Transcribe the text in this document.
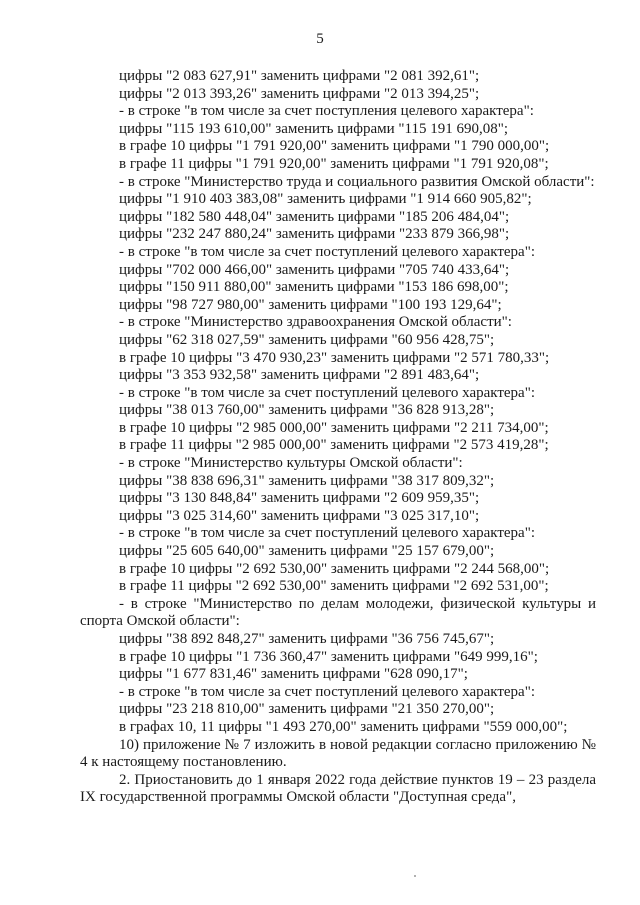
5
цифры "2 083 627,91" заменить цифрами "2 081 392,61";
цифры "2 013 393,26" заменить цифрами "2 013 394,25";
- в строке "в том числе за счет поступления целевого характера":
цифры "115 193 610,00" заменить цифрами "115 191 690,08";
в графе 10 цифры "1 791 920,00" заменить цифрами "1 790 000,00";
в графе 11 цифры "1 791 920,00" заменить цифрами "1 791 920,08";
- в строке "Министерство труда и социального развития Омской области":
цифры "1 910 403 383,08" заменить цифрами "1 914 660 905,82";
цифры "182 580 448,04" заменить цифрами "185 206 484,04";
цифры "232 247 880,24" заменить цифрами "233 879 366,98";
- в строке "в том числе за счет поступлений целевого характера":
цифры "702 000 466,00" заменить цифрами "705 740 433,64";
цифры "150 911 880,00" заменить цифрами "153 186 698,00";
цифры "98 727 980,00" заменить цифрами "100 193 129,64";
- в строке "Министерство здравоохранения Омской области":
цифры "62 318 027,59" заменить цифрами "60 956 428,75";
в графе 10 цифры "3 470 930,23" заменить цифрами "2 571 780,33";
цифры "3 353 932,58" заменить цифрами "2 891 483,64";
- в строке "в том числе за счет поступлений целевого характера":
цифры "38 013 760,00" заменить цифрами "36 828 913,28";
в графе 10 цифры "2 985 000,00" заменить цифрами "2 211 734,00";
в графе 11 цифры "2 985 000,00" заменить цифрами "2 573 419,28";
- в строке "Министерство культуры Омской области":
цифры "38 838 696,31" заменить цифрами "38 317 809,32";
цифры "3 130 848,84" заменить цифрами "2 609 959,35";
цифры "3 025 314,60" заменить цифрами "3 025 317,10";
- в строке "в том числе за счет поступлений целевого характера":
цифры "25 605 640,00" заменить цифрами "25 157 679,00";
в графе 10 цифры "2 692 530,00" заменить цифрами "2 244 568,00";
в графе 11 цифры "2 692 530,00" заменить цифрами "2 692 531,00";
- в строке "Министерство по делам молодежи, физической культуры и спорта Омской области":
цифры "38 892 848,27" заменить цифрами "36 756 745,67";
в графе 10 цифры "1 736 360,47" заменить цифрами "649 999,16";
цифры "1 677 831,46" заменить цифрами "628 090,17";
- в строке "в том числе за счет поступлений целевого характера":
цифры "23 218 810,00" заменить цифрами "21 350 270,00";
в графах 10, 11 цифры "1 493 270,00" заменить цифрами "559 000,00";
10) приложение № 7 изложить в новой редакции согласно приложению № 4 к настоящему постановлению.
2. Приостановить до 1 января 2022 года действие пунктов 19 – 23 раздела IX государственной программы Омской области "Доступная среда",
